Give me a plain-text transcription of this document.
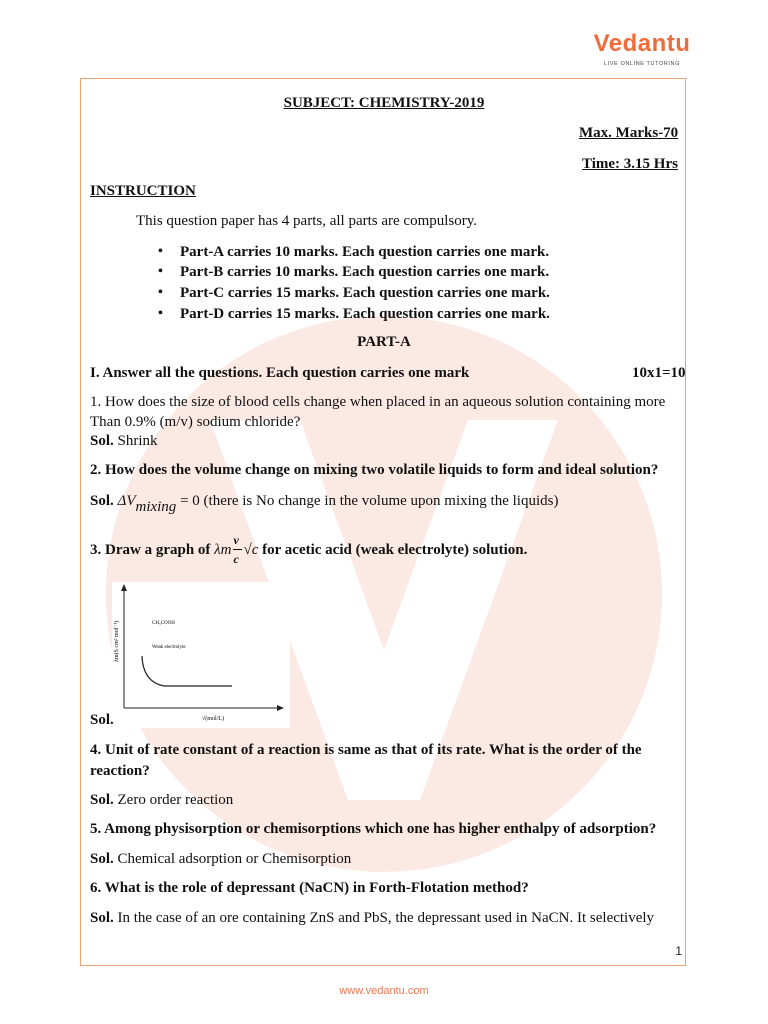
Vedantu
LIVE ONLINE TUTORING
SUBJECT: CHEMISTRY-2019
Max. Marks-70
Time: 3.15 Hrs
INSTRUCTION
This question paper has 4 parts, all parts are compulsory.
• Part-A carries 10 marks. Each question carries one mark.
• Part-B carries 10 marks. Each question carries one mark.
• Part-C carries 15 marks. Each question carries one mark.
• Part-D carries 15 marks. Each question carries one mark.
PART-A
I. Answer all the questions. Each question carries one mark	10x1=10
1. How does the size of blood cells change when placed in an aqueous solution containing more
Than 0.9% (m/v) sodium chloride?
Sol. Shrink
2. How does the volume change on mixing two volatile liquids to form and ideal solution?
Sol. ΔVmixing = 0 (there is No change in the volume upon mixing the liquids)
3. Draw a graph of λm $\frac{v}{c} √c$ for acetic acid (weak electrolyte) solution.
λm(S cm² mol⁻¹)
√(mol/L)
CH₃COOH
Weak electrolyte
Sol.
4. Unit of rate constant of a reaction is same as that of its rate. What is the order of the
reaction?
Sol. Zero order reaction
5. Among physisorption or chemisorptions which one has higher enthalpy of adsorption?
Sol. Chemical adsorption or Chemisorption
6. What is the role of depressant (NaCN) in Forth-Flotation method?
Sol. In the case of an ore containing ZnS and PbS, the depressant used in NaCN. It selectively
1
www.vedantu.com
